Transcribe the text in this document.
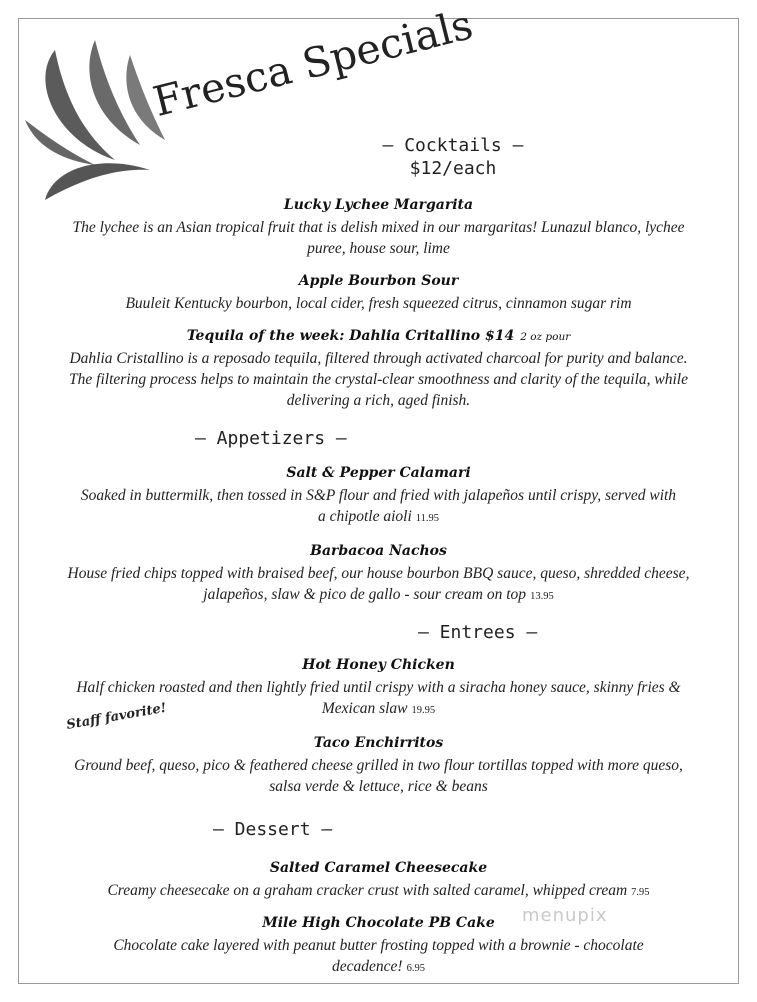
Fresca Specials
— Cocktails —
$12/each
Lucky Lychee Margarita
The lychee is an Asian tropical fruit that is delish mixed in our margaritas! Lunazul blanco, lychee puree, house sour, lime
Apple Bourbon Sour
Buuleit Kentucky bourbon, local cider, fresh squeezed citrus, cinnamon sugar rim
Tequila of the week: Dahlia Critallino $14 2 oz pour
Dahlia Cristallino is a reposado tequila, filtered through activated charcoal for purity and balance. The filtering process helps to maintain the crystal-clear smoothness and clarity of the tequila, while delivering a rich, aged finish.
— Appetizers —
Salt & Pepper Calamari
Soaked in buttermilk, then tossed in S&P flour and fried with jalapeños until crispy, served with a chipotle aioli 11.95
Barbacoa Nachos
House fried chips topped with braised beef, our house bourbon BBQ sauce, queso, shredded cheese, jalapeños, slaw & pico de gallo - sour cream on top 13.95
— Entrees —
Hot Honey Chicken
Half chicken roasted and then lightly fried until crispy with a siracha honey sauce, skinny fries & Mexican slaw 19.95
Staff favorite!
Taco Enchirritos
Ground beef, queso, pico & feathered cheese grilled in two flour tortillas topped with more queso, salsa verde & lettuce, rice & beans
— Dessert —
Salted Caramel Cheesecake
Creamy cheesecake on a graham cracker crust with salted caramel, whipped cream 7.95
Mile High Chocolate PB Cake
Chocolate cake layered with peanut butter frosting topped with a brownie - chocolate decadence! 6.95
menupix
